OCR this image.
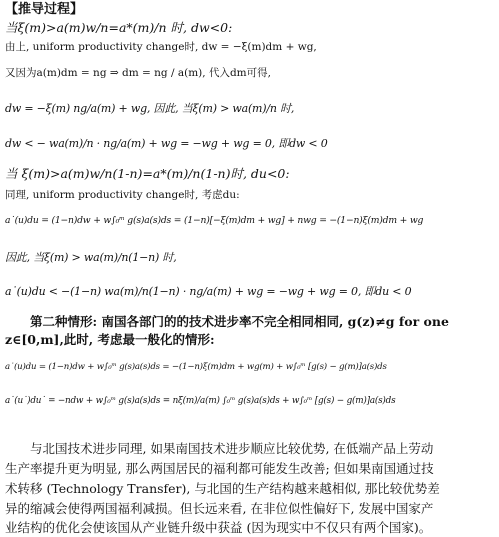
【推导过程】
当ξ(m)>a(m)w/n=a*(m)/n 时, dw<0:
由上, uniform productivity change时, dw = −ξ(m)dm + wg,
又因为a(m)dm = ng ⇒ dm = ng / a(m), 代入dm可得,
dw = −ξ(m) ng/a(m) + wg, 因此, 当ξ(m) > wa(m)/n 时,
dw < − wa(m)/n · ng/a(m) + wg = −wg + wg = 0, 即dw < 0
当 ξ(m)>a(m)w/n(1-n)=a*(m)/n(1-n)时, du<0:
同理, uniform productivity change时, 考虑du:
a˙(u)du = (1−n)dw + w∫₀ᵐ g(s)a(s)ds = (1−n)[−ξ(m)dm + wg] + nwg = −(1−n)ξ(m)dm + wg
因此, 当ξ(m) > wa(m)/n(1−n) 时,
a˙(u)du < −(1−n) wa(m)/n(1−n) · ng/a(m) + wg = −wg + wg = 0, 即du < 0
第二种情形: 南国各部门的的技术进步率不完全相同相同, g(z)≠g for one
z∈[0,m],此时, 考虑最一般化的情形:
a˙(u)du = (1−n)dw + w∫₀ᵐ g(s)a(s)ds = −(1−n)ξ(m)dm + wg(m) + w∫₀ᵐ [g(s) − g(m)]a(s)ds
a˙(u˙)du˙ = −ndw + w∫₀ᵐ g(s)a(s)ds = nξ(m)/a(m) ∫₀ᵐ g(s)a(s)ds + w∫₀ᵐ [g(s) − g(m)]a(s)ds
与北国技术进步同理, 如果南国技术进步顺应比较优势, 在低端产品上劳动
生产率提升更为明显, 那么两国居民的福利都可能发生改善; 但如果南国通过技
术转移 (Technology Transfer), 与北国的生产结构越来越相似, 那比较优势差
异的缩减会使得两国福利减损。但长远来看, 在非位似性偏好下, 发展中国家产
业结构的优化会使该国从产业链升级中获益 (因为现实中不仅只有两个国家)。
